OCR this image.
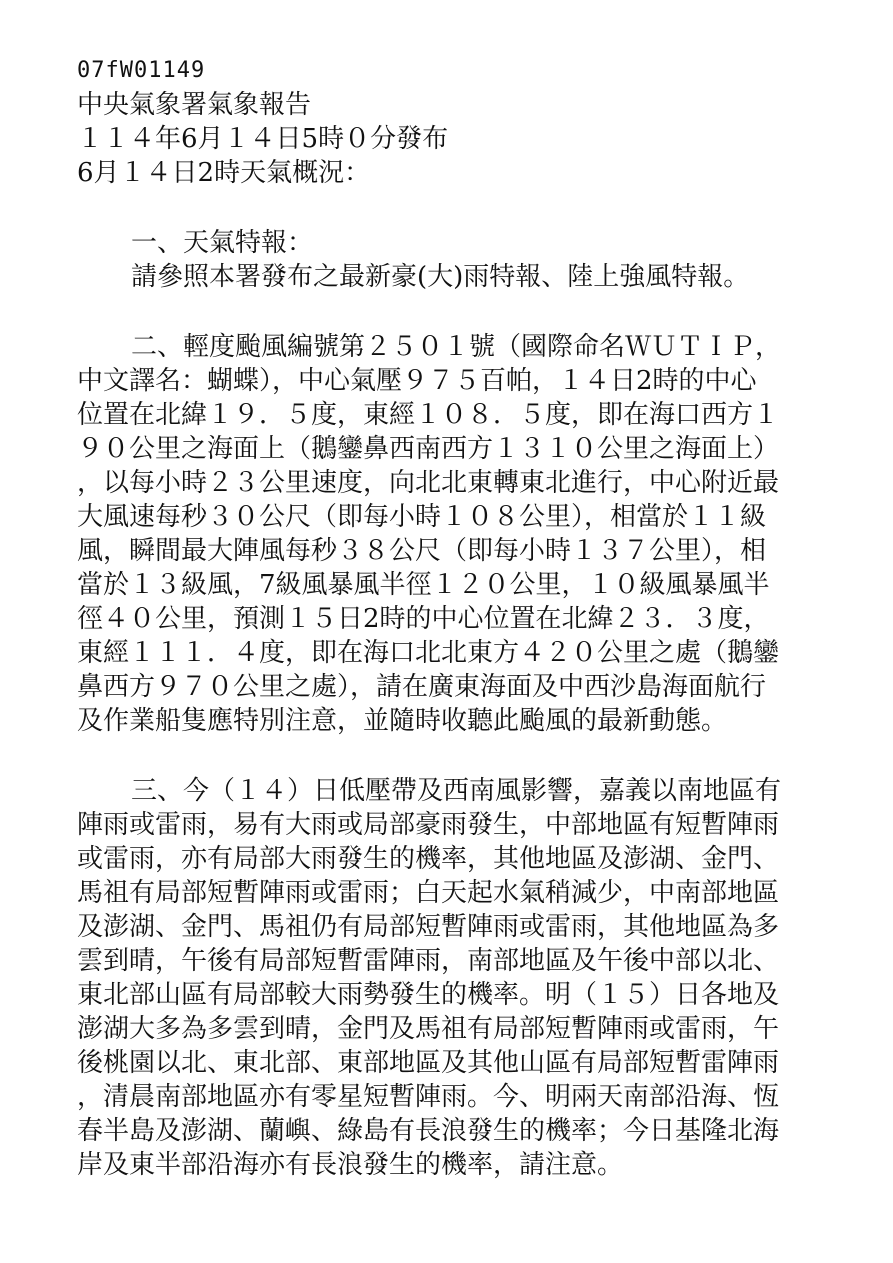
07fW01149
中央氣象署氣象報告
１１４年6月１４日5時０分發布
6月１４日2時天氣概況：
一、天氣特報：
請參照本署發布之最新豪(大)雨特報、陸上強風特報。
二、輕度颱風編號第２５０１號（國際命名ＷＵＴＩＰ，
中文譯名：蝴蝶），中心氣壓９７５百帕，１４日2時的中心
位置在北緯１９．５度，東經１０８．５度，即在海口西方１
９０公里之海面上（鵝鑾鼻西南西方１３１０公里之海面上）
，以每小時２３公里速度，向北北東轉東北進行，中心附近最
大風速每秒３０公尺（即每小時１０８公里），相當於１１級
風，瞬間最大陣風每秒３８公尺（即每小時１３７公里），相
當於１３級風，7級風暴風半徑１２０公里，１０級風暴風半
徑４０公里，預測１５日2時的中心位置在北緯２３．３度，
東經１１１．４度，即在海口北北東方４２０公里之處（鵝鑾
鼻西方９７０公里之處），請在廣東海面及中西沙島海面航行
及作業船隻應特別注意，並隨時收聽此颱風的最新動態。
三、今（１４）日低壓帶及西南風影響，嘉義以南地區有
陣雨或雷雨，易有大雨或局部豪雨發生，中部地區有短暫陣雨
或雷雨，亦有局部大雨發生的機率，其他地區及澎湖、金門、
馬祖有局部短暫陣雨或雷雨；白天起水氣稍減少，中南部地區
及澎湖、金門、馬祖仍有局部短暫陣雨或雷雨，其他地區為多
雲到晴，午後有局部短暫雷陣雨，南部地區及午後中部以北、
東北部山區有局部較大雨勢發生的機率。明（１５）日各地及
澎湖大多為多雲到晴，金門及馬祖有局部短暫陣雨或雷雨，午
後桃園以北、東北部、東部地區及其他山區有局部短暫雷陣雨
，清晨南部地區亦有零星短暫陣雨。今、明兩天南部沿海、恆
春半島及澎湖、蘭嶼、綠島有長浪發生的機率；今日基隆北海
岸及東半部沿海亦有長浪發生的機率，請注意。
